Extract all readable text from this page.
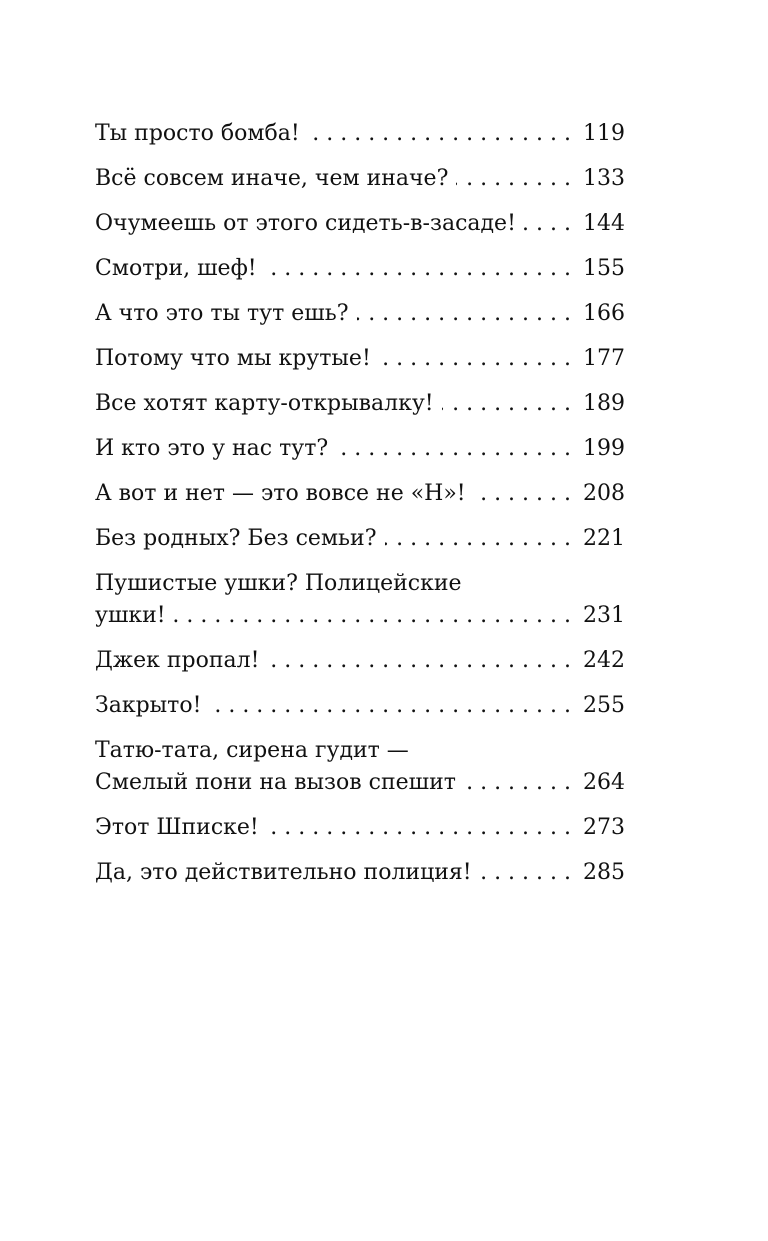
Ты просто бомба! . . .	119
Всё совсем иначе, чем иначе? . . .	133
Очумеешь от этого сидеть-в-засаде! . . .	144
Смотри, шеф! . . .	155
А что это ты тут ешь? . . .	166
Потому что мы крутые! . . .	177
Все хотят карту-открывалку! . . .	189
И кто это у нас тут? . . .	199
А вот и нет — это вовсе не «Н»! . . .	208
Без родных? Без семьи? . . .	221
Пушистые ушки? Полицейские
ушки! . . .	231
Джек пропал! . . .	242
Закрыто! . . .	255
Татю-тата, сирена гудит —
Смелый пони на вызов спешит . . .	264
Этот Шписке! . . .	273
Да, это действительно полиция! . . .	285
